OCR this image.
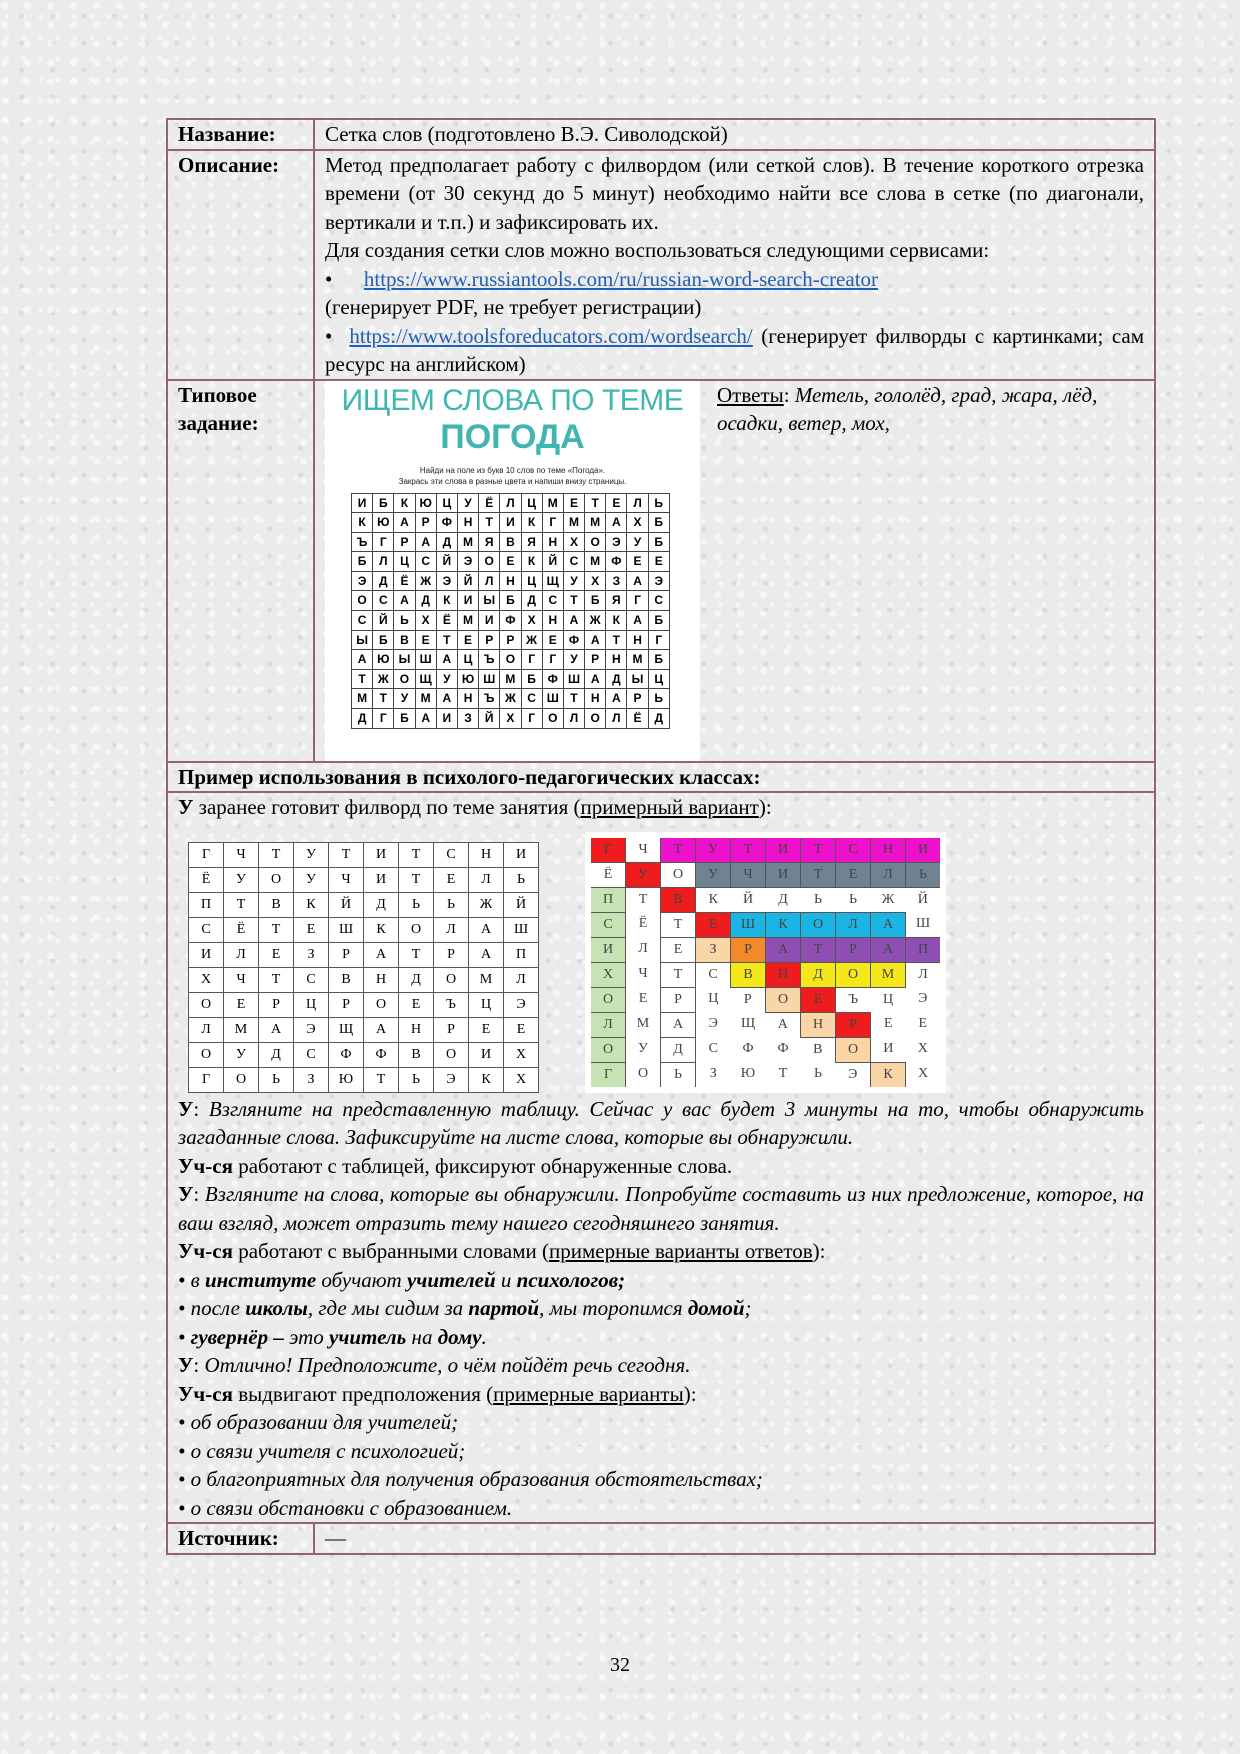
Название:	Сетка слов (подготовлено В.Э. Сиволодской)
Описание:	Метод предполагает работу с филвордом (или сеткой слов). В течение короткого отрезка времени (от 30 секунд до 5 минут) необходимо найти все слова в сетке (по диагонали, вертикали и т.п.) и зафиксировать их.
Для создания сетки слов можно воспользоваться следующими сервисами:

• https://www.russiantools.com/ru/russian-word-search-creator
(генерирует PDF, не требует регистрации)
• https://www.toolsforeducators.com/wordsearch/ (генерирует филворды с картинками; сам ресурс на английском)

Типовое задание:	
ИЩЕМ СЛОВА ПО ТЕМЕ
ПОГОДА
Найди на поле из букв 10 слов по теме «Погода».
Закрась эти слова в разные цвета и напиши внизу страницы.
И	Б	К	Ю	Ц	У	Ё	Л	Ц	М	Е	Т	Е	Л	Ь
К	Ю	А	Р	Ф	Н	Т	И	К	Г	М	М	А	Х	Б
Ъ	Г	Р	А	Д	М	Я	В	Я	Н	Х	О	Э	У	Б
Б	Л	Ц	С	Й	Э	О	Е	К	Й	С	М	Ф	Е	Е
Э	Д	Ё	Ж	Э	Й	Л	Н	Ц	Щ	У	Х	З	А	Э
О	С	А	Д	К	И	Ы	Б	Д	С	Т	Б	Я	Г	С
С	Й	Ь	Х	Ё	М	И	Ф	Х	Н	А	Ж	К	А	Б
Ы	Б	В	Е	Т	Е	Р	Р	Ж	Е	Ф	А	Т	Н	Г
А	Ю	Ы	Ш	А	Ц	Ъ	О	Г	Г	У	Р	Н	М	Б
Т	Ж	О	Щ	У	Ю	Ш	М	Б	Ф	Ш	А	Д	Ы	Ц
М	Т	У	М	А	Н	Ъ	Ж	С	Ш	Т	Н	А	Р	Ь
Д	Г	Б	А	И	З	Й	Х	Г	О	Л	О	Л	Ё	Д
Ответы: Метель, гололёд, град, жара, лёд, осадки, ветер, мох,

Пример использования в психолого-педагогических классах:

У заранее готовит филворд по теме занятия (примерный вариант):
Г	Ч	Т	У	Т	И	Т	С	Н	И
Ё	У	О	У	Ч	И	Т	Е	Л	Ь
П	Т	В	К	Й	Д	Ь	Ь	Ж	Й
С	Ё	Т	Е	Ш	К	О	Л	А	Ш
И	Л	Е	З	Р	А	Т	Р	А	П
Х	Ч	Т	С	В	Н	Д	О	М	Л
О	Е	Р	Ц	Р	О	Е	Ъ	Ц	Э
Л	М	А	Э	Щ	А	Н	Р	Е	Е
О	У	Д	С	Ф	Ф	В	О	И	Х
Г	О	Ь	З	Ю	Т	Ь	Э	К	Х
Г	Ч	Т	У	Т	И	Т	С	Н	И
Ё	У	О	У	Ч	И	Т	Е	Л	Ь
П	Т	В	К	Й	Д	Ь	Ь	Ж	Й
С	Ё	Т	Е	Ш	К	О	Л	А	Ш
И	Л	Е	З	Р	А	Т	Р	А	П
Х	Ч	Т	С	В	Н	Д	О	М	Л
О	Е	Р	Ц	Р	О	Е	Ъ	Ц	Э
Л	М	А	Э	Щ	А	Н	Р	Е	Е
О	У	Д	С	Ф	Ф	В	О	И	Х
Г	О	Ь	З	Ю	Т	Ь	Э	К	Х
У: Взгляните на представленную таблицу. Сейчас у вас будет 3 минуты на то, чтобы обнаружить загаданные слова. Зафиксируйте на листе слова, которые вы обнаружили.
Уч-ся работают с таблицей, фиксируют обнаруженные слова.
У: Взгляните на слова, которые вы обнаружили. Попробуйте составить из них предложение, которое, на ваш взгляд, может отразить тему нашего сегодняшнего занятия.
Уч-ся работают с выбранными словами (примерные варианты ответов):
• в институте обучают учителей и психологов;
• после школы, где мы сидим за партой, мы торопимся домой;
• гувернёр – это учитель на дому.
У: Отлично! Предположите, о чём пойдёт речь сегодня.
Уч-ся выдвигают предположения (примерные варианты):
• об образовании для учителей;
• о связи учителя с психологией;
• о благоприятных для получения образования обстоятельствах;
• о связи обстановки с образованием.

Источник:	—
32
